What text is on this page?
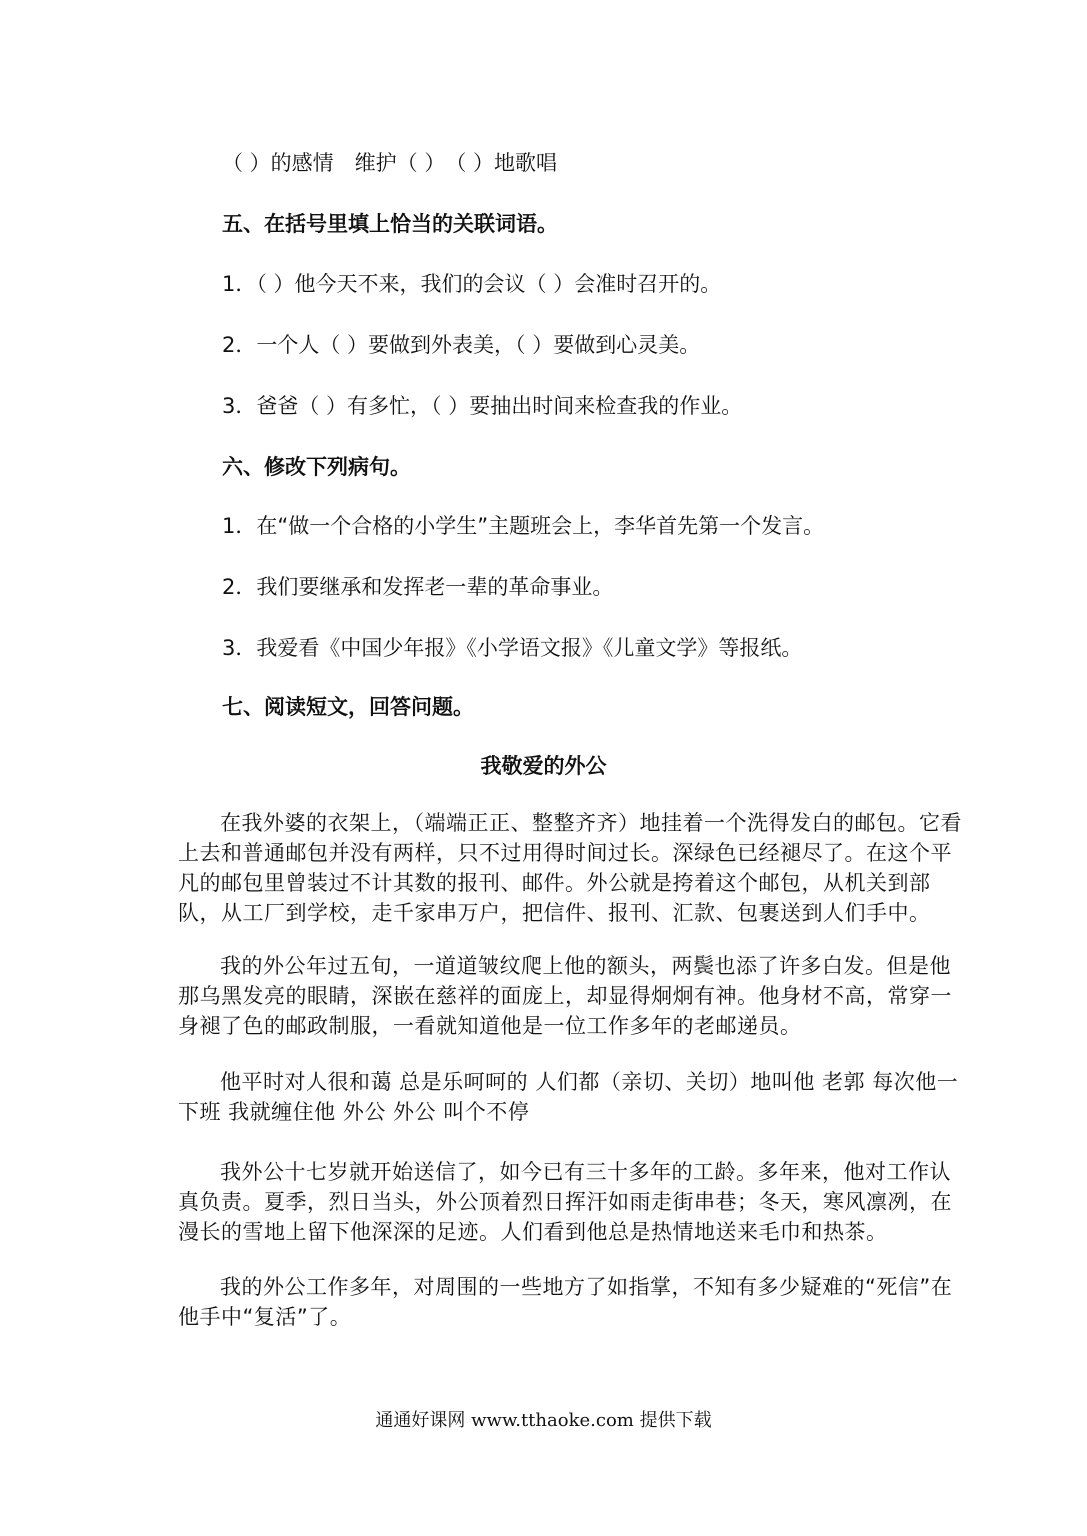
（ ）的感情　维护（ ）　（ ）地歌唱
五、在括号里填上恰当的关联词语。
1．（ ）他今天不来，我们的会议（ ）会准时召开的。
2．一个人（ ）要做到外表美，（ ）要做到心灵美。
3．爸爸（ ）有多忙，（ ）要抽出时间来检查我的作业。
六、修改下列病句。
1．在“做一个合格的小学生”主题班会上，李华首先第一个发言。
2．我们要继承和发挥老一辈的革命事业。
3．我爱看《中国少年报》《小学语文报》《儿童文学》等报纸。
七、阅读短文，回答问题。
我敬爱的外公
在我外婆的衣架上，（端端正正、整整齐齐）地挂着一个洗得发白的邮包。它看上去和普通邮包并没有两样，只不过用得时间过长。深绿色已经褪尽了。在这个平凡的邮包里曾装过不计其数的报刊、邮件。外公就是挎着这个邮包，从机关到部队，从工厂到学校，走千家串万户，把信件、报刊、汇款、包裹送到人们手中。
我的外公年过五旬，一道道皱纹爬上他的额头，两鬓也添了许多白发。但是他那乌黑发亮的眼睛，深嵌在慈祥的面庞上，却显得炯炯有神。他身材不高，常穿一身褪了色的邮政制服，一看就知道他是一位工作多年的老邮递员。
他平时对人很和蔼 总是乐呵呵的 人们都（亲切、关切）地叫他 老郭 每次他一下班 我就缠住他 外公 外公 叫个不停
我外公十七岁就开始送信了，如今已有三十多年的工龄。多年来，他对工作认真负责。夏季，烈日当头，外公顶着烈日挥汗如雨走街串巷；冬天，寒风凛冽，在漫长的雪地上留下他深深的足迹。人们看到他总是热情地送来毛巾和热茶。
我的外公工作多年，对周围的一些地方了如指掌，不知有多少疑难的“死信”在他手中“复活”了。
通通好课网 www.tthaoke.com 提供下载
